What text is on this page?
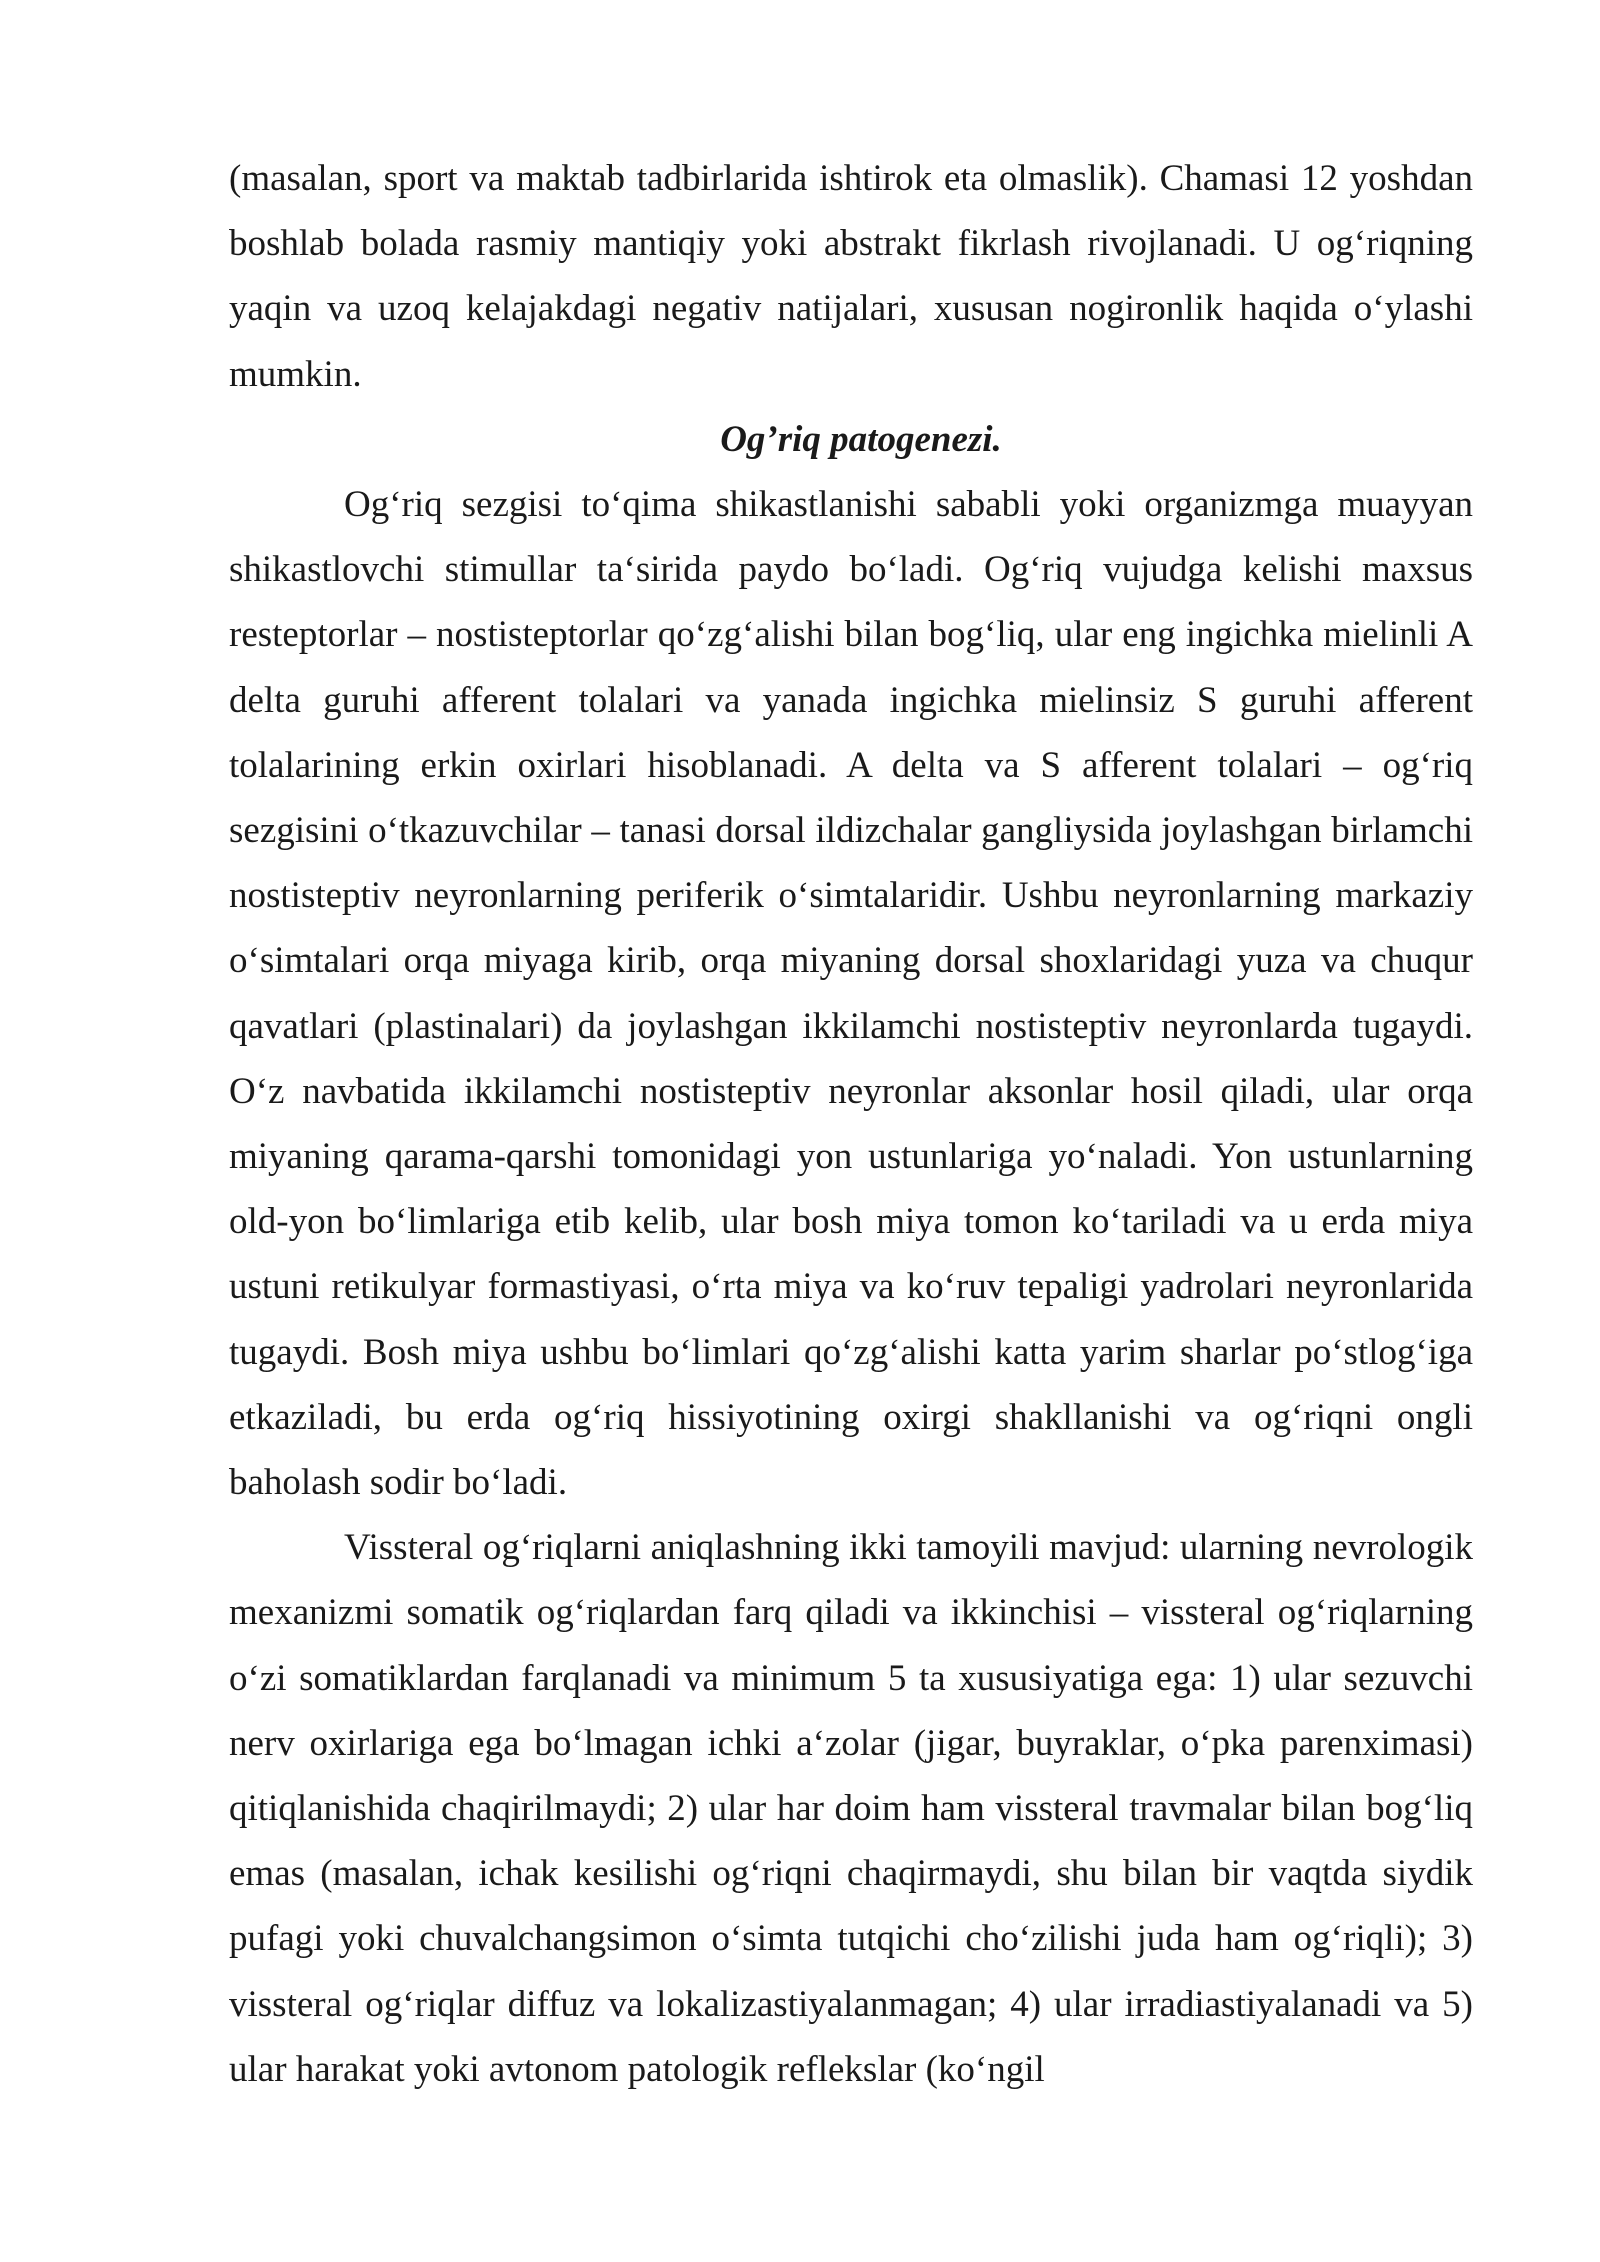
(masalan, sport va maktab tadbirlarida ishtirok eta olmaslik). Chamasi 12 yoshdan boshlab bolada rasmiy mantiqiy yoki abstrakt fikrlash rivojlanadi. U og‘riqning yaqin va uzoq kelajakdagi negativ natijalari, xususan nogironlik haqida o‘ylashi mumkin.

Og’riq patogenezi.

Og‘riq sezgisi to‘qima shikastlanishi sababli yoki organizmga muayyan shikastlovchi stimullar ta‘sirida paydo bo‘ladi. Og‘riq vujudga kelishi maxsus resteptorlar – nostisteptorlar qo‘zg‘alishi bilan bog‘liq, ular eng ingichka mielinli A delta guruhi afferent tolalari va yanada ingichka mielinsiz S guruhi afferent tolalarining erkin oxirlari hisoblanadi. A delta va S afferent tolalari – og‘riq sezgisini o‘tkazuvchilar – tanasi dorsal ildizchalar gangliysida joylashgan birlamchi nostisteptiv neyronlarning periferik o‘simtalaridir. Ushbu neyronlarning markaziy o‘simtalari orqa miyaga kirib, orqa miyaning dorsal shoxlaridagi yuza va chuqur qavatlari (plastinalari) da joylashgan ikkilamchi nostisteptiv neyronlarda tugaydi. O‘z navbatida ikkilamchi nostisteptiv neyronlar aksonlar hosil qiladi, ular orqa miyaning qarama-qarshi tomonidagi yon ustunlariga yo‘naladi. Yon ustunlarning old-yon bo‘limlariga etib kelib, ular bosh miya tomon ko‘tariladi va u erda miya ustuni retikulyar formastiyasi, o‘rta miya va ko‘ruv tepaligi yadrolari neyronlarida tugaydi. Bosh miya ushbu bo‘limlari qo‘zg‘alishi katta yarim sharlar po‘stlog‘iga etkaziladi, bu erda og‘riq hissiyotining oxirgi shakllanishi va og‘riqni ongli baholash sodir bo‘ladi.

Vissteral og‘riqlarni aniqlashning ikki tamoyili mavjud: ularning nevrologik mexanizmi somatik og‘riqlardan farq qiladi va ikkinchisi – vissteral og‘riqlarning o‘zi somatiklardan farqlanadi va minimum 5 ta xususiyatiga ega: 1) ular sezuvchi nerv oxirlariga ega bo‘lmagan ichki a‘zolar (jigar, buyraklar, o‘pka parenximasi) qitiqlanishida chaqirilmaydi; 2) ular har doim ham vissteral travmalar bilan bog‘liq emas (masalan, ichak kesilishi og‘riqni chaqirmaydi, shu bilan bir vaqtda siydik pufagi yoki chuvalchangsimon o‘simta tutqichi cho‘zilishi juda ham og‘riqli); 3) vissteral og‘riqlar diffuz va lokalizastiyalanmagan; 4) ular irradiastiyalanadi va 5) ular harakat yoki avtonom patologik reflekslar (ko‘ngil
